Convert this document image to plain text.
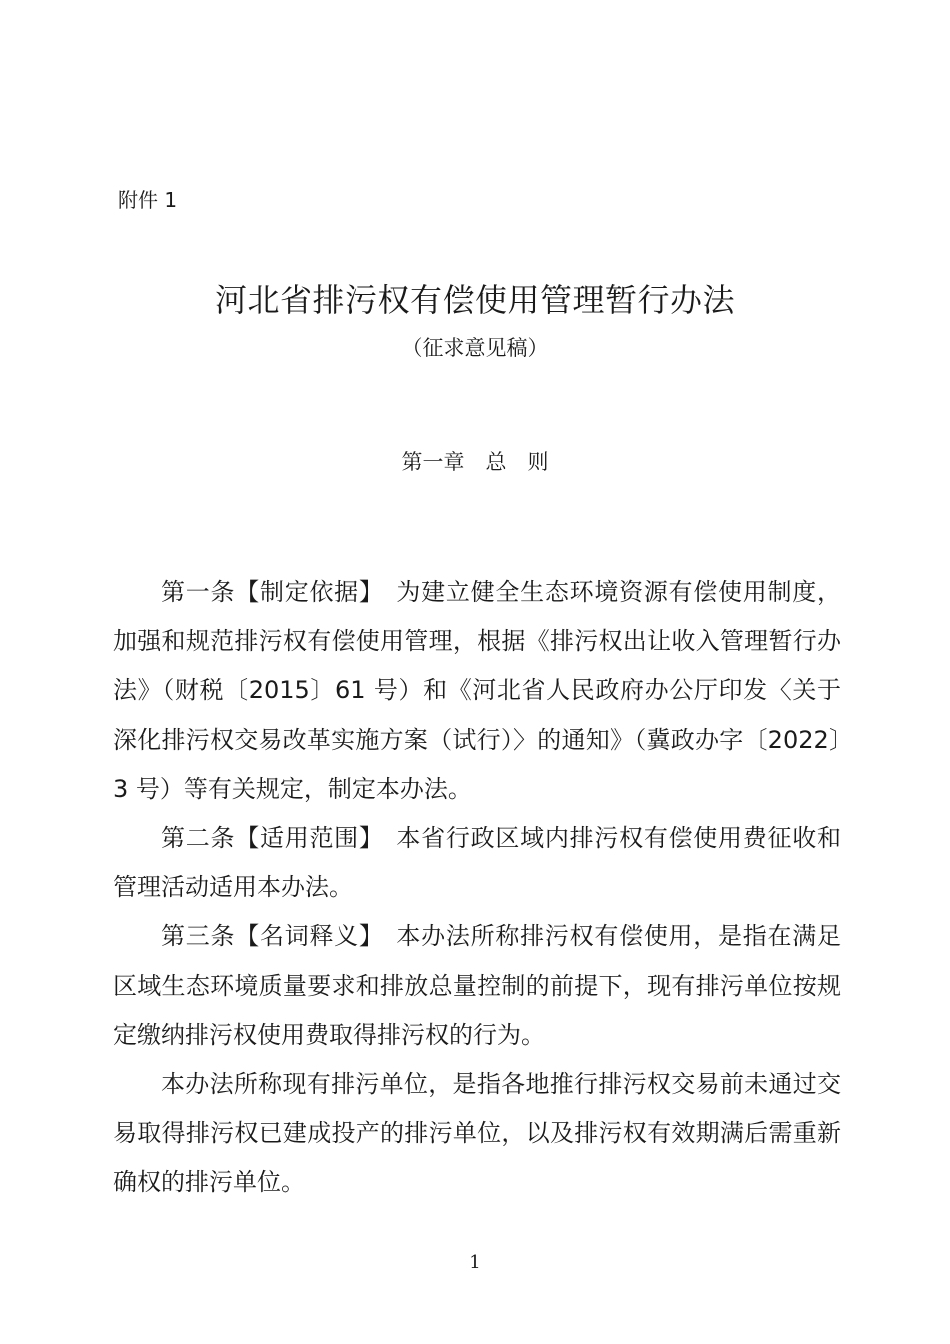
附件 1
河北省排污权有偿使用管理暂行办法
（征求意见稿）
第一章　总　则

第一条【制定依据】　为建立健全生态环境资源有偿使用制度，加强和规范排污权有偿使用管理，根据《排污权出让收入管理暂行办法》（财税〔2015〕61 号）和《河北省人民政府办公厅印发〈关于深化排污权交易改革实施方案（试行）〉的通知》（冀政办字〔2022〕3 号）等有关规定，制定本办法。

第二条【适用范围】　本省行政区域内排污权有偿使用费征收和管理活动适用本办法。

第三条【名词释义】　本办法所称排污权有偿使用，是指在满足区域生态环境质量要求和排放总量控制的前提下，现有排污单位按规定缴纳排污权使用费取得排污权的行为。

本办法所称现有排污单位，是指各地推行排污权交易前未通过交易取得排污权已建成投产的排污单位，以及排污权有效期满后需重新确权的排污单位。

1
